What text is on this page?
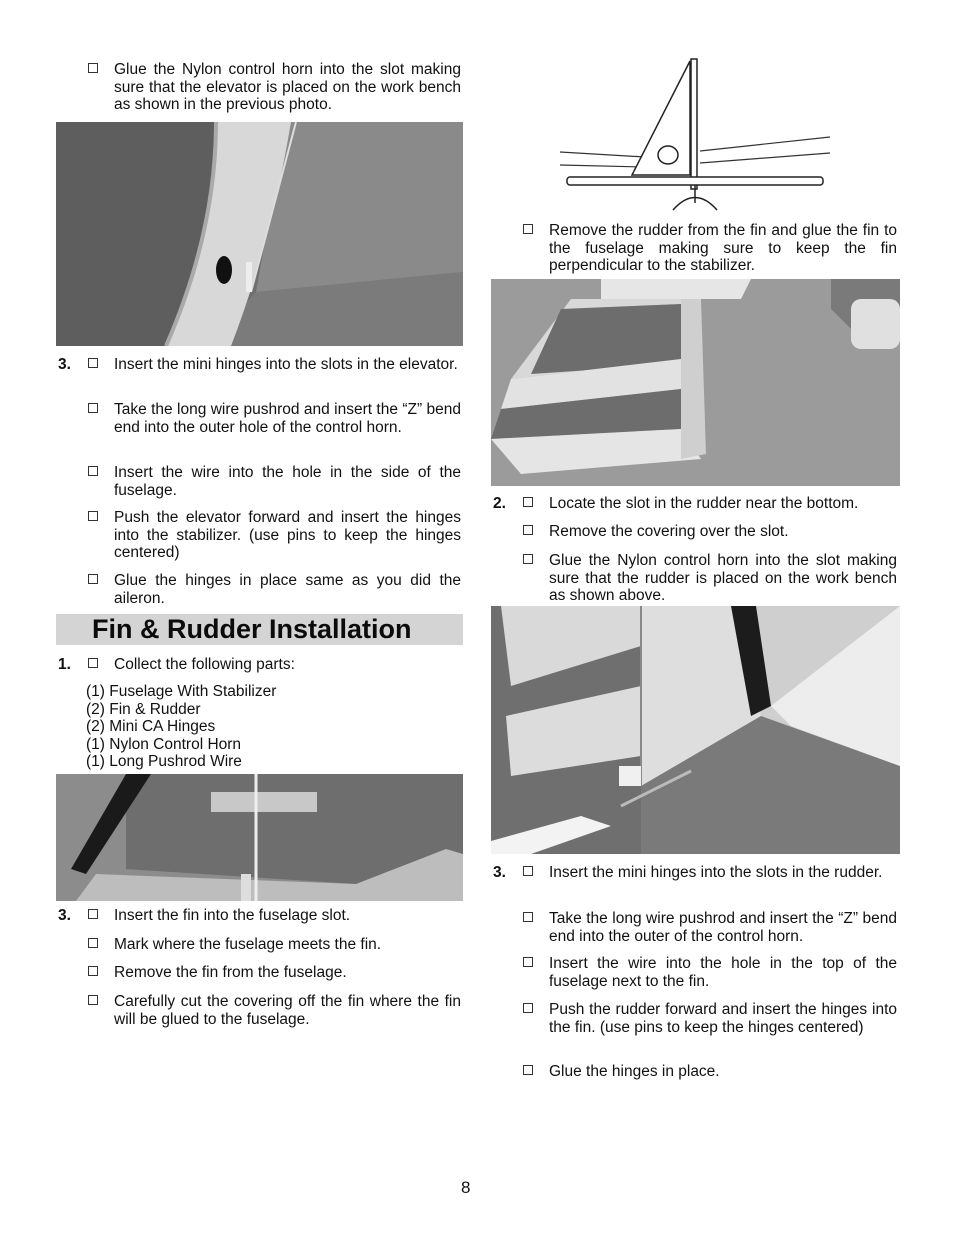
Glue the Nylon control horn into the slot making sure that the elevator is placed on the work bench as shown in the previous photo.
3.	Insert the mini hinges into the slots in the elevator.
Take the long wire pushrod and insert the “Z” bend end into the outer hole of the control horn.
Insert the wire into the hole in the side of the fuselage.
Push the elevator forward and insert the hinges into the stabilizer. (use pins to keep the hinges centered)
Glue the hinges in place same as you did the aileron.
Fin & Rudder Installation
1.	Collect the following parts:
(1) Fuselage With Stabilizer
(2) Fin & Rudder
(2) Mini CA Hinges
(1) Nylon Control Horn
(1) Long Pushrod Wire
3.	Insert the fin into the fuselage slot.
Mark where the fuselage meets the fin.
Remove the fin from the fuselage.
Carefully cut the covering off the fin where the fin will be glued to the fuselage.
Remove the rudder from the fin and glue the fin to the fuselage making sure to keep the fin perpendicular to the stabilizer.
2.	Locate the slot in the rudder near the bottom.
Remove the covering over the slot.
Glue the Nylon control horn into the slot making sure that the rudder is placed on the work bench as shown above.
3.	Insert the mini hinges into the slots in the rudder.
Take the long wire pushrod and insert the “Z” bend end into the outer of the control horn.
Insert the wire into the hole in the top of the fuselage next to the fin.
Push the rudder forward and insert the hinges into the fin. (use pins to keep the hinges centered)
Glue the hinges in place.
8
